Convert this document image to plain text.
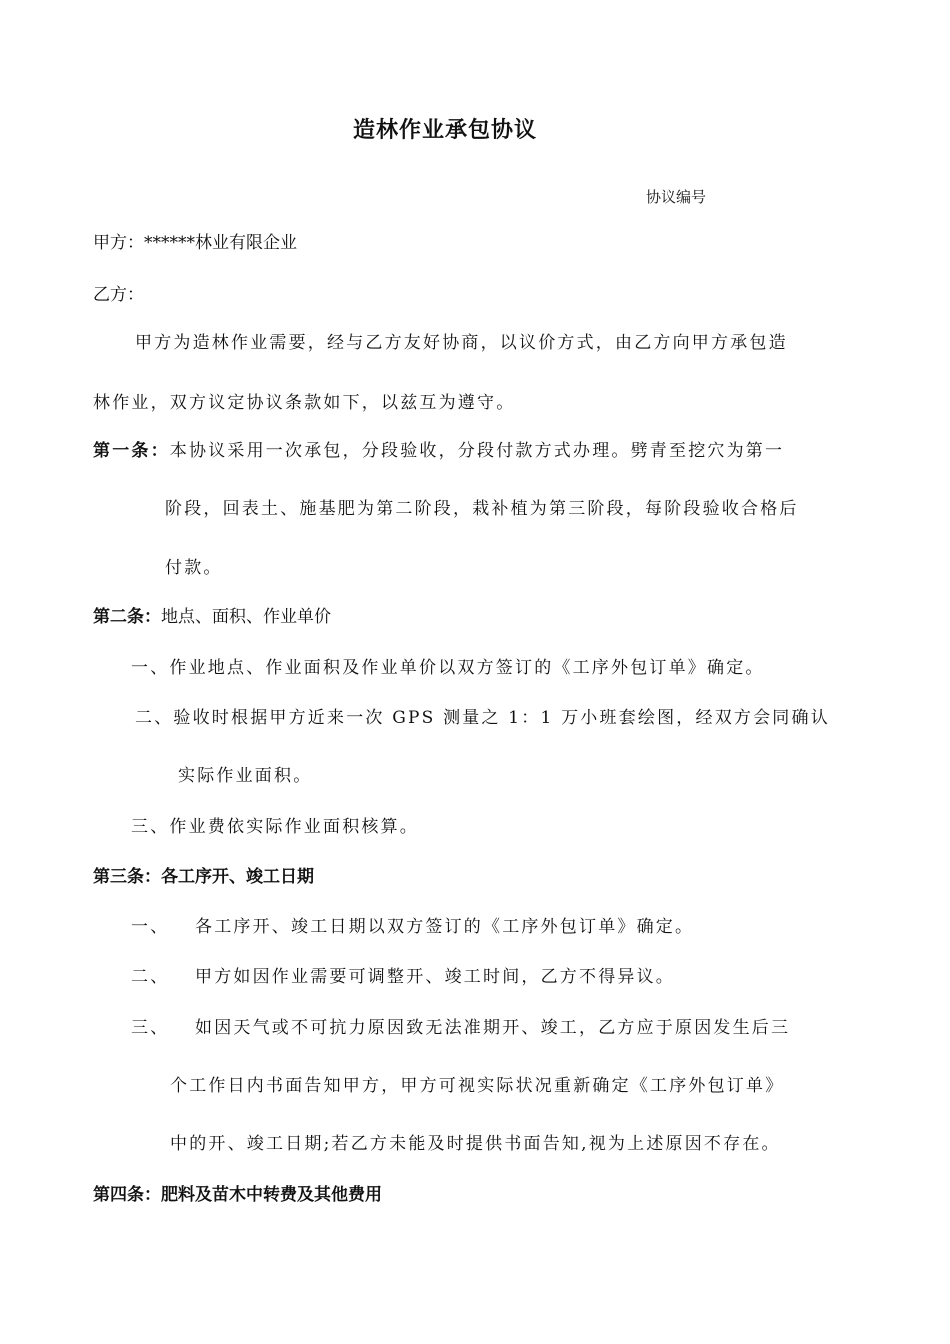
造林作业承包协议
协议编号
甲方：******林业有限企业
乙方：
甲方为造林作业需要，经与乙方友好协商，以议价方式，由乙方向甲方承包造
林作业，双方议定协议条款如下，以兹互为遵守。
第一条：本协议采用一次承包，分段验收，分段付款方式办理。劈青至挖穴为第一
阶段，回表土、施基肥为第二阶段，栽补植为第三阶段，每阶段验收合格后
付款。
第二条：地点、面积、作业单价
一、作业地点、作业面积及作业单价以双方签订的《工序外包订单》确定。
二、验收时根据甲方近来一次 GPS 测量之 1：1 万小班套绘图，经双方会同确认
实际作业面积。
三、作业费依实际作业面积核算。
第三条：各工序开、竣工日期
一、 各工序开、竣工日期以双方签订的《工序外包订单》确定。
二、 甲方如因作业需要可调整开、竣工时间，乙方不得异议。
三、 如因天气或不可抗力原因致无法准期开、竣工，乙方应于原因发生后三
个工作日内书面告知甲方，甲方可视实际状况重新确定《工序外包订单》
中的开、竣工日期;若乙方未能及时提供书面告知,视为上述原因不存在。
第四条：肥料及苗木中转费及其他费用
